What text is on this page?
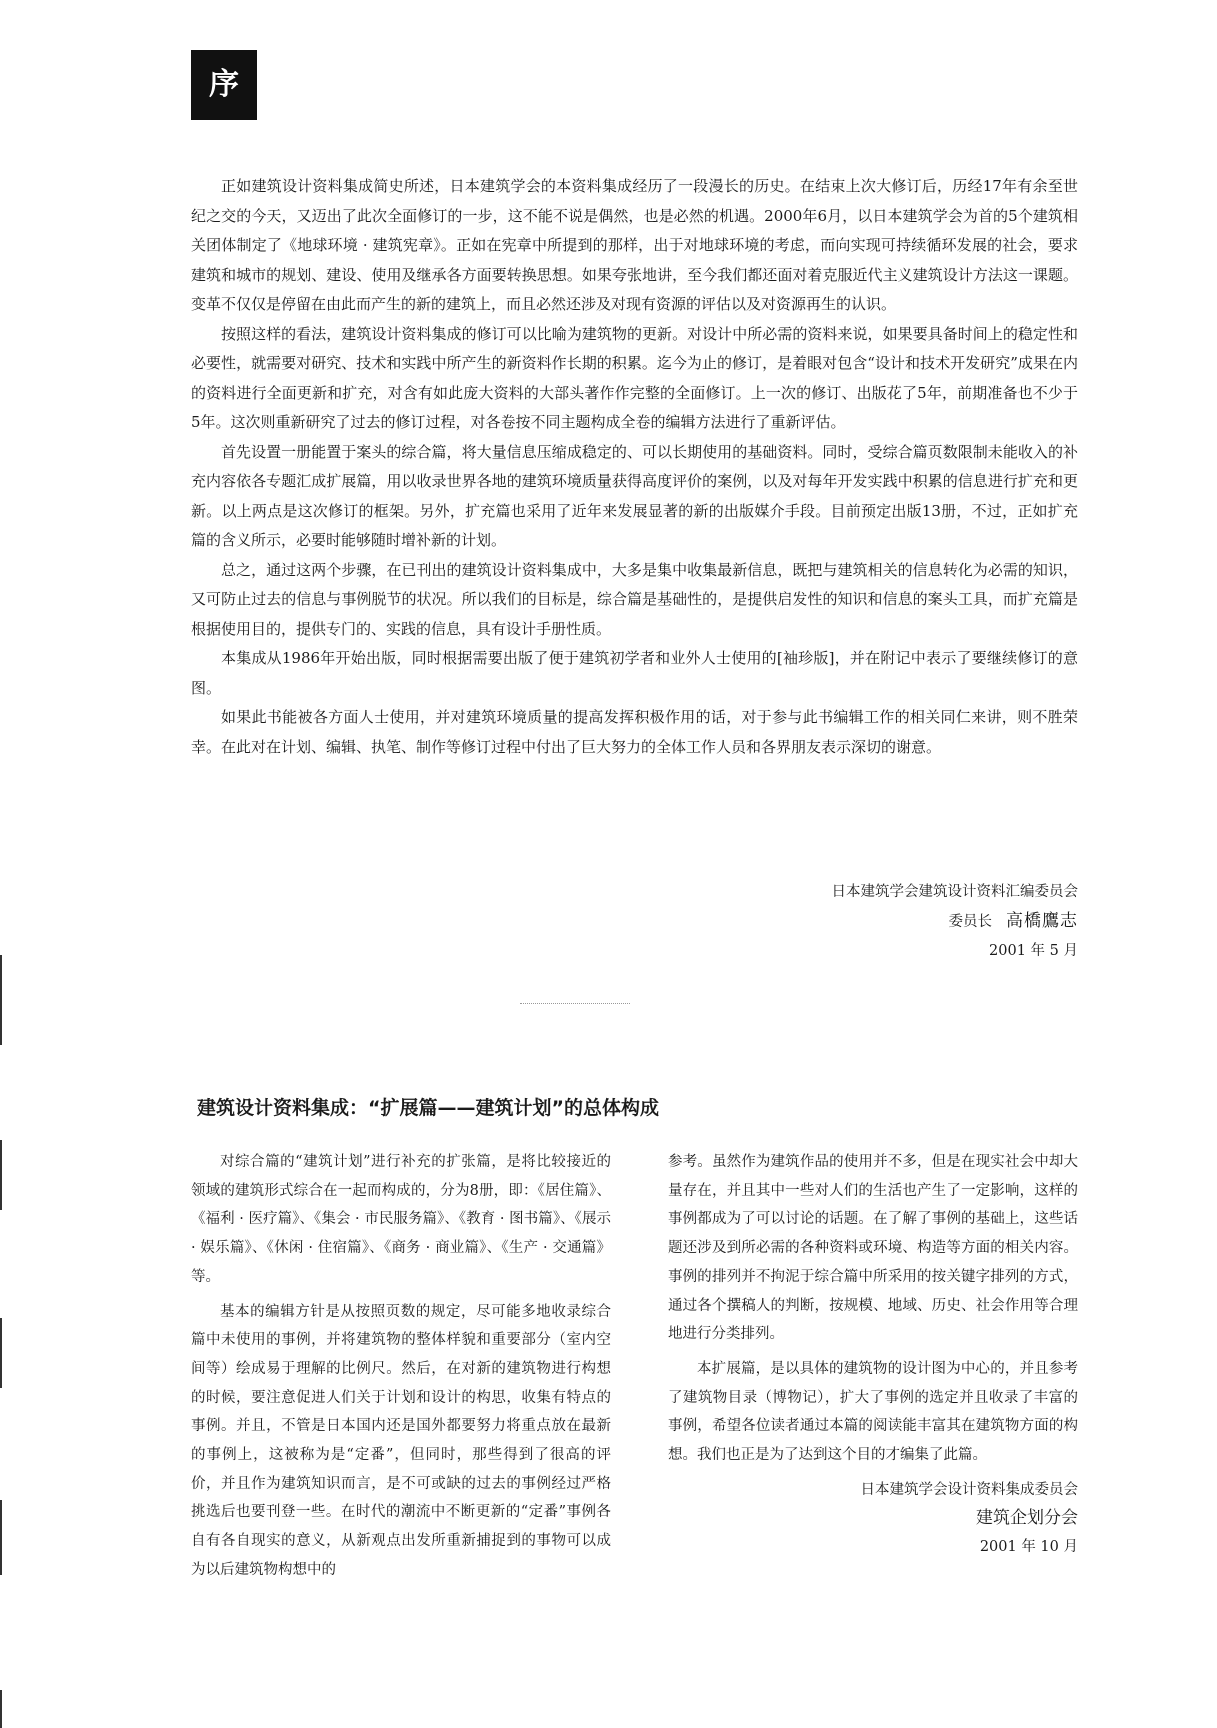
序

正如建筑设计资料集成简史所述，日本建筑学会的本资料集成经历了一段漫长的历史。在结束上次大修订后，历经17年有余至世纪之交的今天，又迈出了此次全面修订的一步，这不能不说是偶然，也是必然的机遇。2000年6月，以日本建筑学会为首的5个建筑相关团体制定了《地球环境 · 建筑宪章》。正如在宪章中所提到的那样，出于对地球环境的考虑，而向实现可持续循环发展的社会，要求建筑和城市的规划、建设、使用及继承各方面要转换思想。如果夸张地讲，至今我们都还面对着克服近代主义建筑设计方法这一课题。变革不仅仅是停留在由此而产生的新的建筑上，而且必然还涉及对现有资源的评估以及对资源再生的认识。

按照这样的看法，建筑设计资料集成的修订可以比喻为建筑物的更新。对设计中所必需的资料来说，如果要具备时间上的稳定性和必要性，就需要对研究、技术和实践中所产生的新资料作长期的积累。迄今为止的修订，是着眼对包含“设计和技术开发研究”成果在内的资料进行全面更新和扩充，对含有如此庞大资料的大部头著作作完整的全面修订。上一次的修订、出版花了5年，前期准备也不少于5年。这次则重新研究了过去的修订过程，对各卷按不同主题构成全卷的编辑方法进行了重新评估。

首先设置一册能置于案头的综合篇，将大量信息压缩成稳定的、可以长期使用的基础资料。同时，受综合篇页数限制未能收入的补充内容依各专题汇成扩展篇，用以收录世界各地的建筑环境质量获得高度评价的案例，以及对每年开发实践中积累的信息进行扩充和更新。以上两点是这次修订的框架。另外，扩充篇也采用了近年来发展显著的新的出版媒介手段。目前预定出版13册，不过，正如扩充篇的含义所示，必要时能够随时增补新的计划。

总之，通过这两个步骤，在已刊出的建筑设计资料集成中，大多是集中收集最新信息，既把与建筑相关的信息转化为必需的知识，又可防止过去的信息与事例脱节的状况。所以我们的目标是，综合篇是基础性的，是提供启发性的知识和信息的案头工具，而扩充篇是根据使用目的，提供专门的、实践的信息，具有设计手册性质。

本集成从1986年开始出版，同时根据需要出版了便于建筑初学者和业外人士使用的[袖珍版]，并在附记中表示了要继续修订的意图。

如果此书能被各方面人士使用，并对建筑环境质量的提高发挥积极作用的话，对于参与此书编辑工作的相关同仁来讲，则不胜荣幸。在此对在计划、编辑、执笔、制作等修订过程中付出了巨大努力的全体工作人员和各界朋友表示深切的谢意。

日本建筑学会建筑设计资料汇编委员会
委员长 高橋鷹志
2001 年 5 月
建筑设计资料集成：“扩展篇——建筑计划”的总体构成

对综合篇的“建筑计划”进行补充的扩张篇，是将比较接近的领域的建筑形式综合在一起而构成的，分为8册，即：《居住篇》、《福利 · 医疗篇》、《集会 · 市民服务篇》、《教育 · 图书篇》、《展示 · 娱乐篇》、《休闲 · 住宿篇》、《商务 · 商业篇》、《生产 · 交通篇》等。

基本的编辑方针是从按照页数的规定，尽可能多地收录综合篇中未使用的事例，并将建筑物的整体样貌和重要部分（室内空间等）绘成易于理解的比例尺。然后，在对新的建筑物进行构想的时候，要注意促进人们关于计划和设计的构思，收集有特点的事例。并且，不管是日本国内还是国外都要努力将重点放在最新的事例上，这被称为是“定番”，但同时，那些得到了很高的评价，并且作为建筑知识而言，是不可或缺的过去的事例经过严格挑选后也要刊登一些。在时代的潮流中不断更新的“定番”事例各自有各自现实的意义，从新观点出发所重新捕捉到的事物可以成为以后建筑物构想中的

参考。虽然作为建筑作品的使用并不多，但是在现实社会中却大量存在，并且其中一些对人们的生活也产生了一定影响，这样的事例都成为了可以讨论的话题。在了解了事例的基础上，这些话题还涉及到所必需的各种资料或环境、构造等方面的相关内容。事例的排列并不拘泥于综合篇中所采用的按关键字排列的方式，通过各个撰稿人的判断，按规模、地域、历史、社会作用等合理地进行分类排列。

本扩展篇，是以具体的建筑物的设计图为中心的，并且参考了建筑物目录（博物记），扩大了事例的选定并且收录了丰富的事例，希望各位读者通过本篇的阅读能丰富其在建筑物方面的构想。我们也正是为了达到这个目的才编集了此篇。

日本建筑学会设计资料集成委员会
建筑企划分会
2001 年 10 月
